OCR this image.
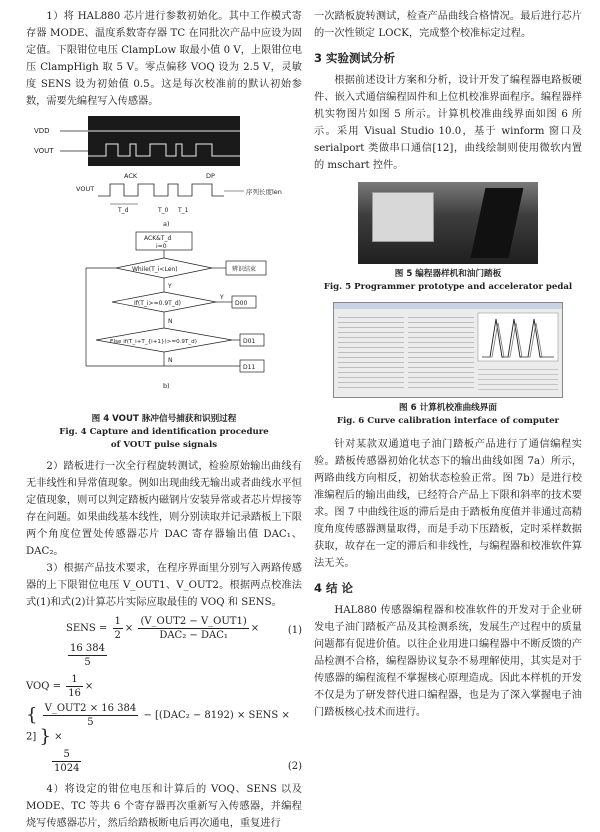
1）将 HAL880 芯片进行参数初始化。其中工作模式寄存器 MODE、温度系数寄存器 TC 在同批次产品中应设为固定值。下限钳位电压 ClampLow 取最小值 0 V，上限钳位电压 ClampHigh 取 5 V。零点偏移 VOQ 设为 2.5 V，灵敏度 SENS 设为初始值 0.5。这是每次校准前的默认初始参数，需要先编程写入传感器。

VDD
VOUT
ACK	DP
VOUT
T_d	T_0 T_1
序列长度len
a)
ACK&T_d
i=0
While(T_i<Len)	辨识结束
Y
If(T_i>=0.9T_d)
Y
D00
N
Else if(T_i+T_{i+1})>=0.9T_d)	D01
N
D11
b)

图 4 VOUT 脉冲信号捕获和识别过程

Fig. 4 Capture and identification procedure

of VOUT pulse signals

2）踏板进行一次全行程旋转测试，检验原始输出曲线有无非线性和异常值现象。例如出现曲线无输出或者曲线水平恒定值现象，则可以判定踏板内磁钢片安装异常或者芯片焊接等存在问题。如果曲线基本线性，则分别读取并记录踏板上下限两个角度位置处传感器芯片 DAC 寄存器输出值 DAC₁、DAC₂。

3）根据产品技术要求，在程序界面里分别写入两路传感器的上下限钳位电压 V_OUT1、V_OUT2。根据两点校准法式(1)和式(2)计算芯片实际应取最佳的 VOQ 和 SENS。

SENS = $\frac{1}{2} \times \frac{\text{(V\_OUT2 − V\_OUT1)}}{\text{DAC₂ − DAC₁}}$ ×
$\frac{16 384}{5}$
(1)
VOQ = $\frac{1}{16}$ ×
{ $\frac{\text{V\_OUT2 × 16 384}}{5} - [(DAC_2 - 8192)$ × SENS × 2] } ×
$\frac{5}{1024}$	(2)

4）将设定的钳位电压和计算后的 VOQ、SENS 以及 MODE、TC 等共 6 个寄存器再次重新写入传感器，并编程烧写传感器芯片，然后给踏板断电后再次通电，重复进行

一次踏板旋转测试，检查产品曲线合格情况。最后进行芯片的一次性锁定 LOCK，完成整个校准标定过程。

3 实验测试分析

根据前述设计方案和分析，设计开发了编程器电路板硬件、嵌入式通信编程固件和上位机校准界面程序。编程器样机实物图片如图 5 所示。计算机校准曲线界面如图 6 所示。采用 Visual Studio 10.0，基于 winform 窗口及 serialport 类做串口通信[12]，曲线绘制则使用微软内置的 mschart 控件。

图 5 编程器样机和油门踏板

Fig. 5 Programmer prototype and accelerator pedal

图 6 计算机校准曲线界面

Fig. 6 Curve calibration interface of computer

针对某款双通道电子油门踏板产品进行了通信编程实验。踏板传感器初始化状态下的输出曲线如图 7a）所示，两路曲线方向相反，初始状态检验正常。图 7b）是进行校准编程后的输出曲线，已经符合产品上下限和斜率的技术要求。图 7 中曲线往返的滞后是由于踏板角度值并非通过高精度角度传感器测量取得，而是手动下压踏板，定时采样数据获取，故存在一定的滞后和非线性，与编程器和校准软件算法无关。

4 结 论

HAL880 传感器编程器和校准软件的开发对于企业研发电子油门踏板产品及其检测系统，发展生产过程中的质量问题都有促进价值。以往企业用进口编程器中不断反馈的产品检测不合格，编程器协议复杂不易理解使用，其实是对于传感器的编程流程不掌握核心原理造成。因此本样机的开发不仅是为了研发替代进口编程器，也是为了深入掌握电子油门踏板核心技术而进行。
